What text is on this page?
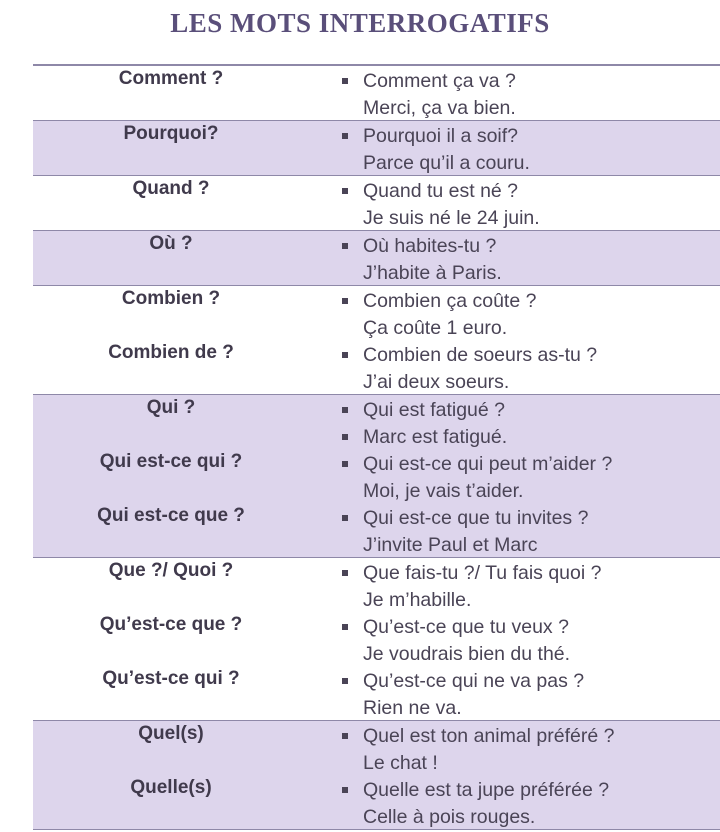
LES MOTS INTERROGATIFS
Comment ?	Comment ça va ?
Merci, ça va bien.
Pourquoi?	Pourquoi il a soif?
Parce qu’il a couru.
Quand ?	Quand tu est né ?
Je suis né le 24 juin.
Où ?	Où habites-tu ?
J’habite à Paris.
Combien ?	Combien ça coûte ?
Ça coûte 1 euro.
Combien de ?	Combien de soeurs as-tu ?
J’ai deux soeurs.
Qui ?	Qui est fatigué ?
Marc est fatigué.
Qui est-ce qui ?	Qui est-ce qui peut m’aider ?
Moi, je vais t’aider.
Qui est-ce que ?	Qui est-ce que tu invites ?
J’invite Paul et Marc
Que ?/ Quoi ?	Que fais-tu ?/ Tu fais quoi ?
Je m’habille.
Qu’est-ce que ?	Qu’est-ce que tu veux ?
Je voudrais bien du thé.
Qu’est-ce qui ?	Qu’est-ce qui ne va pas ?
Rien ne va.
Quel(s)	Quel est ton animal préféré ?
Le chat !
Quelle(s)	Quelle est ta jupe préférée ?
Celle à pois rouges.
